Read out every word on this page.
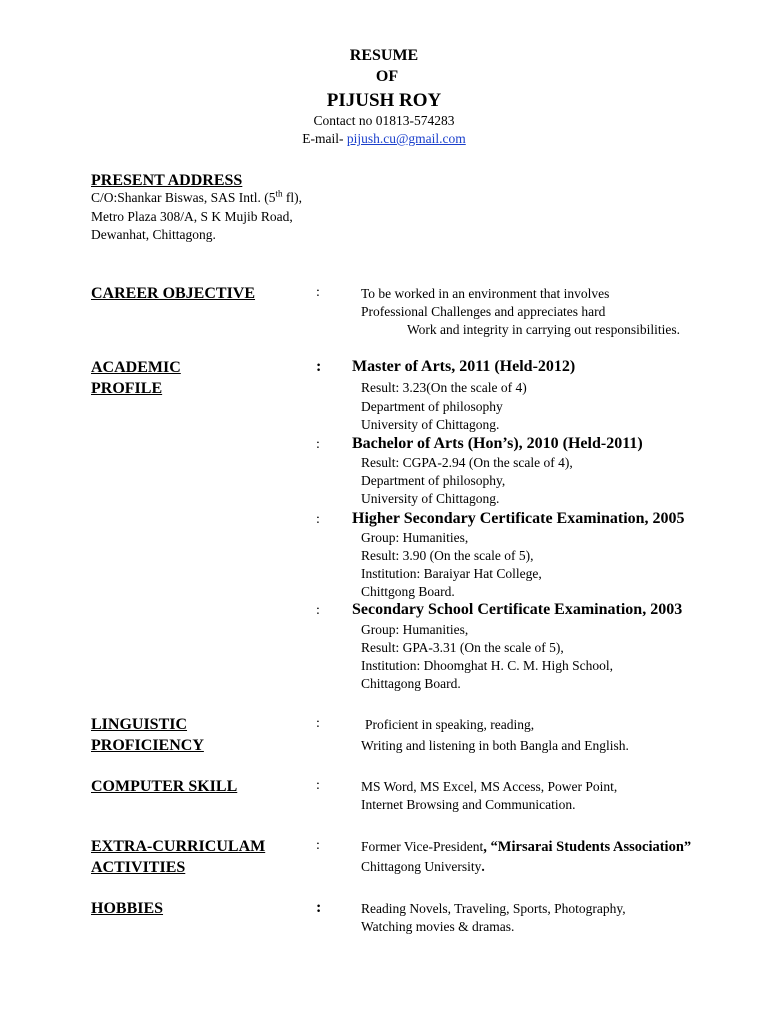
RESUME
OF
PIJUSH ROY
Contact no 01813-574283
E-mail- pijush.cu@gmail.com
PRESENT ADDRESS
C/O:Shankar Biswas, SAS Intl. (5th fl),
Metro Plaza 308/A, S K Mujib Road,
Dewanhat, Chittagong.
CAREER OBJECTIVE	:	To be worked in an environment that involves
Professional Challenges and appreciates hard
Work and integrity in carrying out responsibilities.
ACADEMIC
PROFILE
: Master of Arts, 2011 (Held-2012)
Result: 3.23(On the scale of 4)
Department of philosophy
University of Chittagong.
: Bachelor of Arts (Hon’s), 2010 (Held-2011)
Result: CGPA-2.94 (On the scale of 4),
Department of philosophy,
University of Chittagong.
: Higher Secondary Certificate Examination, 2005
Group: Humanities,
Result: 3.90 (On the scale of 5),
Institution: Baraiyar Hat College,
Chittgong Board.
: Secondary School Certificate Examination, 2003
Group: Humanities,
Result: GPA-3.31 (On the scale of 5),
Institution: Dhoomghat H. C. M. High School,
Chittagong Board.
LINGUISTIC
PROFICIENCY
:	Proficient in speaking, reading,
Writing and listening in both Bangla and English.
COMPUTER SKILL	:	MS Word, MS Excel, MS Access, Power Point,
Internet Browsing and Communication.
EXTRA-CURRICULAM
ACTIVITIES
:	Former Vice-President, “Mirsarai Students Association”
Chittagong University.
HOBBIES	:	Reading Novels, Traveling, Sports, Photography,
Watching movies & dramas.
